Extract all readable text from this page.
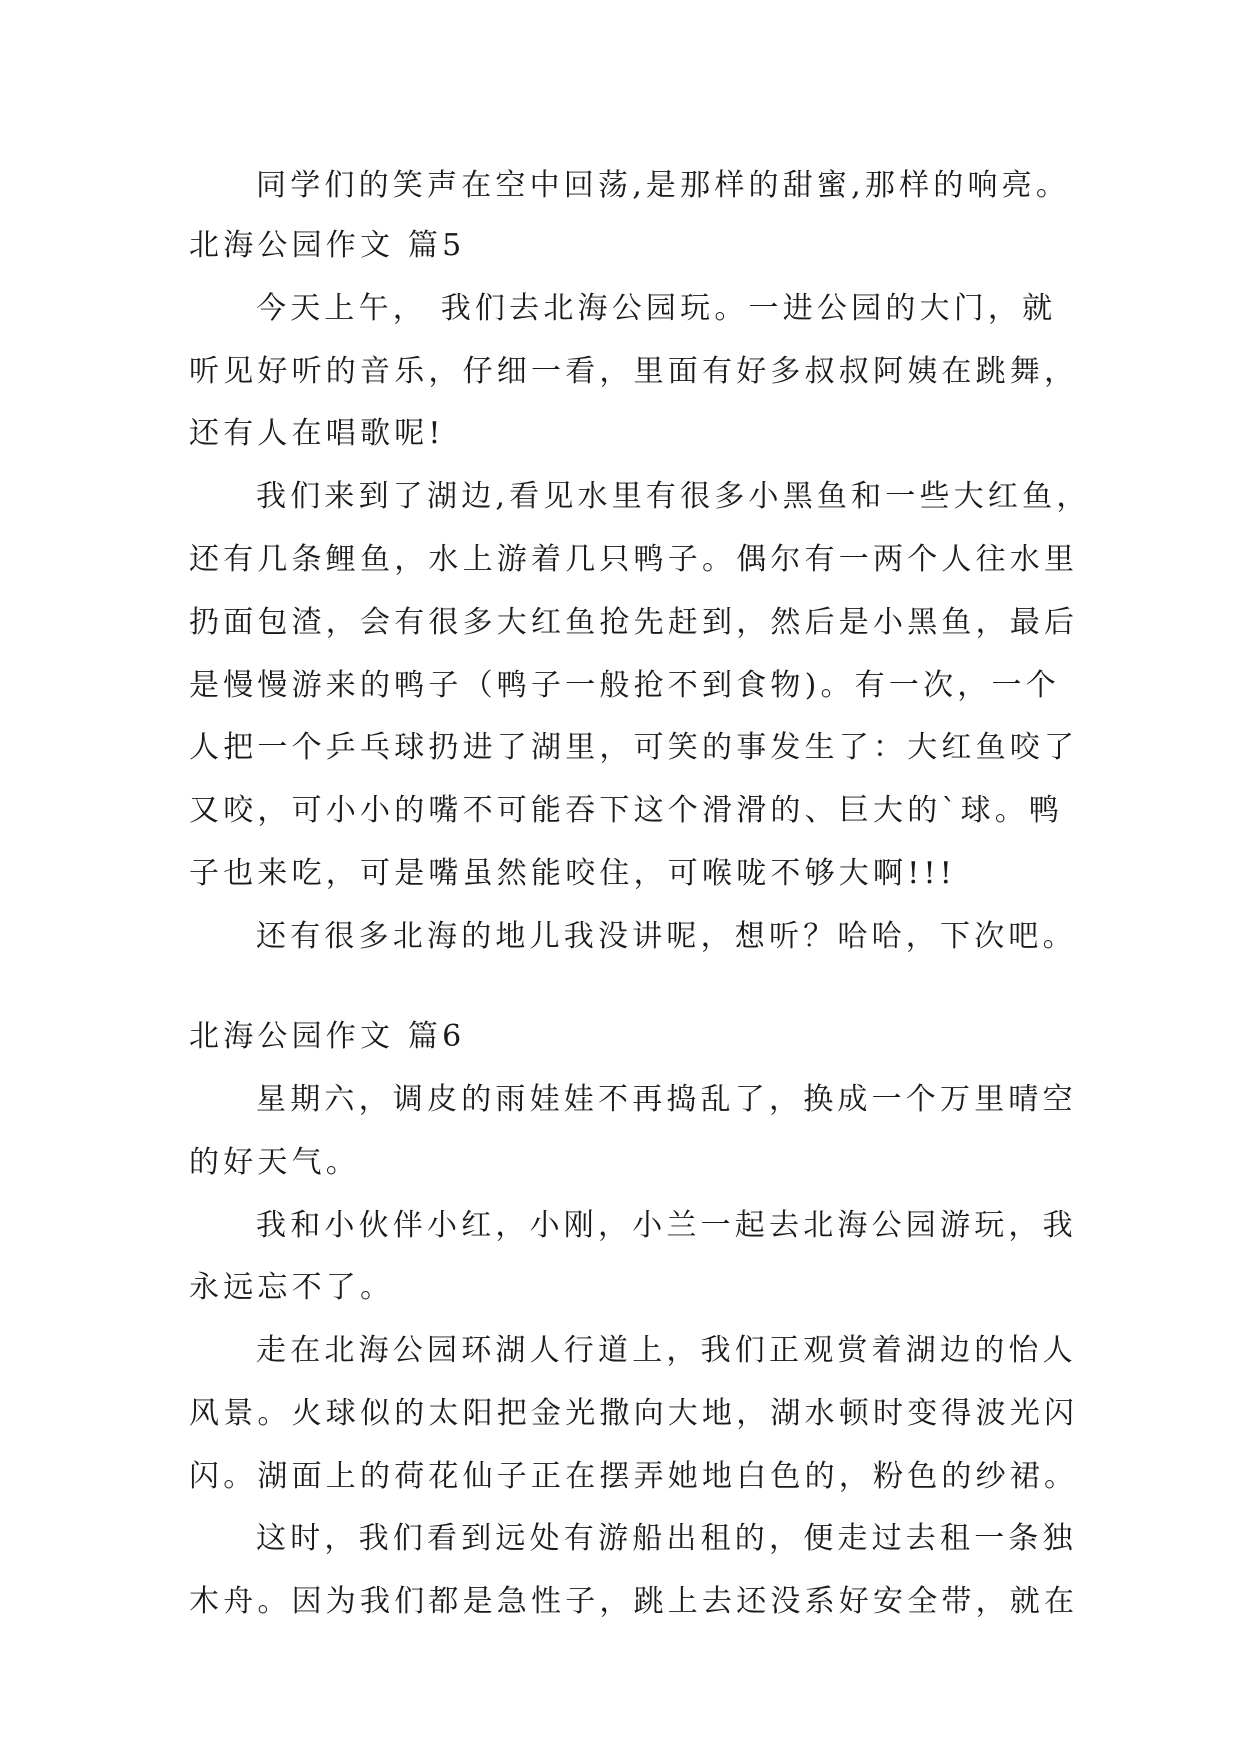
同学们的笑声在空中回荡,是那样的甜蜜,那样的响亮。
北海公园作文 篇5
今天上午， 我们去北海公园玩。一进公园的大门，就
听见好听的音乐，仔细一看，里面有好多叔叔阿姨在跳舞，
还有人在唱歌呢!
我们来到了湖边,看见水里有很多小黑鱼和一些大红鱼，
还有几条鲤鱼，水上游着几只鸭子。偶尔有一两个人往水里
扔面包渣，会有很多大红鱼抢先赶到，然后是小黑鱼，最后
是慢慢游来的鸭子（鸭子一般抢不到食物)。有一次，一个
人把一个乒乓球扔进了湖里，可笑的事发生了：大红鱼咬了
又咬，可小小的嘴不可能吞下这个滑滑的、巨大的`球。鸭
子也来吃，可是嘴虽然能咬住，可喉咙不够大啊!!!
还有很多北海的地儿我没讲呢，想听？哈哈，下次吧。
北海公园作文 篇6
星期六，调皮的雨娃娃不再捣乱了，换成一个万里晴空
的好天气。
我和小伙伴小红，小刚，小兰一起去北海公园游玩，我
永远忘不了。
走在北海公园环湖人行道上，我们正观赏着湖边的怡人
风景。火球似的太阳把金光撒向大地，湖水顿时变得波光闪
闪。湖面上的荷花仙子正在摆弄她地白色的，粉色的纱裙。
这时，我们看到远处有游船出租的，便走过去租一条独
木舟。因为我们都是急性子，跳上去还没系好安全带，就在
